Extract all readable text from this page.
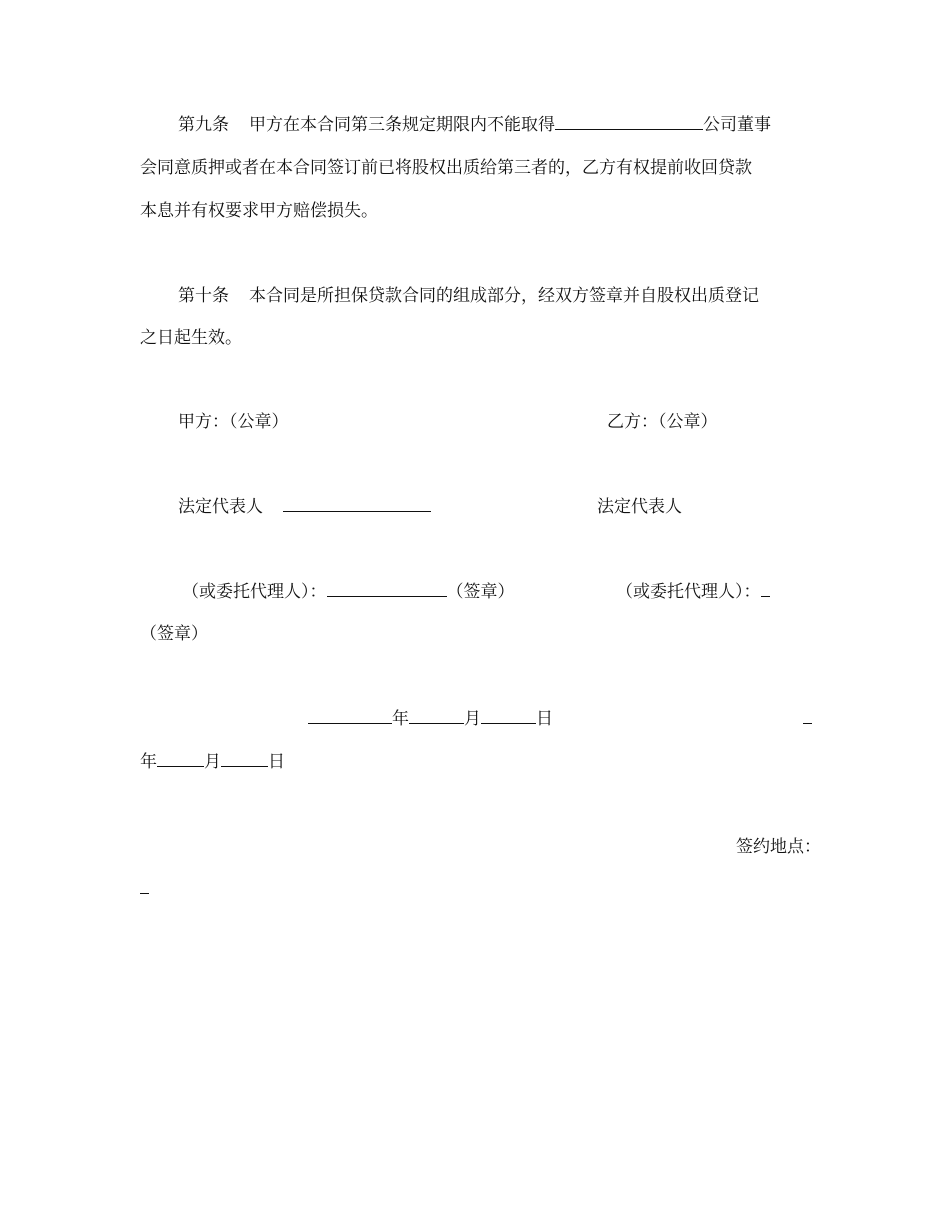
第九条 甲方在本合同第三条规定期限内不能取得	公司董事
会同意质押或者在本合同签订前已将股权出质给第三者的，乙方有权提前收回贷款
本息并有权要求甲方赔偿损失。
第十条 本合同是所担保贷款合同的组成部分，经双方签章并自股权出质登记
之日起生效。
甲方：（公章）	乙方：（公章）
法定代表人	法定代表人
（或委托代理人）：	（签章）	（或委托代理人）：
（签章）
年	月	日
年	月	日
签约地点：
